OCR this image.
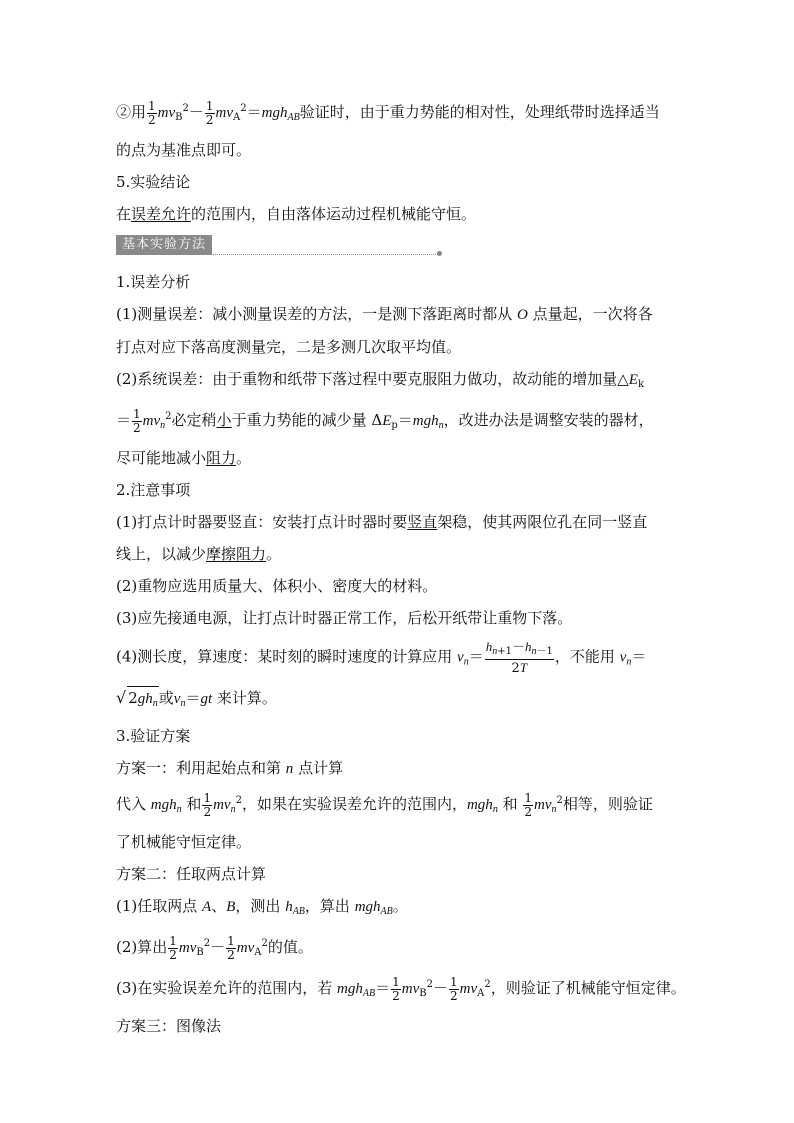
②用 $\frac{1}{2} mv_B^2- \frac{1}{2} mv_A^2=mgh_{AB}$验证时，由于重力势能的相对性，处理纸带时选择适当

的点为基准点即可。

5.实验结论

在误差允许的范围内，自由落体运动过程机械能守恒。

基本实验方法

1.误差分析

(1)测量误差：减小测量误差的方法，一是测下落距离时都从 O 点量起，一次将各

打点对应下落高度测量完，二是多测几次取平均值。

(2)系统误差：由于重物和纸带下落过程中要克服阻力做功，故动能的增加量$\triangle E_k$

＝ $\frac{1}{2} mv_n^2$必定稍小于重力势能的减少量 $\Delta E_p=mgh_n$，改进办法是调整安装的器材，

尽可能地减小阻力。

2.注意事项

(1)打点计时器要竖直：安装打点计时器时要竖直架稳，使其两限位孔在同一竖直

线上，以减少摩擦阻力。

(2)重物应选用质量大、体积小、密度大的材料。

(3)应先接通电源，让打点计时器正常工作，后松开纸带让重物下落。

(4)测长度，算速度：某时刻的瞬时速度的计算应用 $v_n= \frac{h_{n+1}-h_{n-1}}{2T}$ ，不能用 $v_n=$

√ $2gh_n$或$v_n=gt$ 来计算。

3.验证方案

方案一：利用起始点和第 n 点计算

代入 mgh$_n$ 和 $\frac{1}{2} mv_n^2$，如果在实验误差允许的范围内，mgh$_n$ 和 $\frac{1}{2} mv_n^2$相等，则验证

了机械能守恒定律。

方案二：任取两点计算

(1)任取两点 A、B，测出 $h_{AB}$，算出 mgh$_{AB}$。

(2)算出 $\frac{1}{2} mv_B^2- \frac{1}{2} mv_A^2$的值。

(3)在实验误差允许的范围内，若 $mgh_{AB}= \frac{1}{2} mv_B^2- \frac{1}{2} mv_A^2$，则验证了机械能守恒定律。

方案三：图像法
